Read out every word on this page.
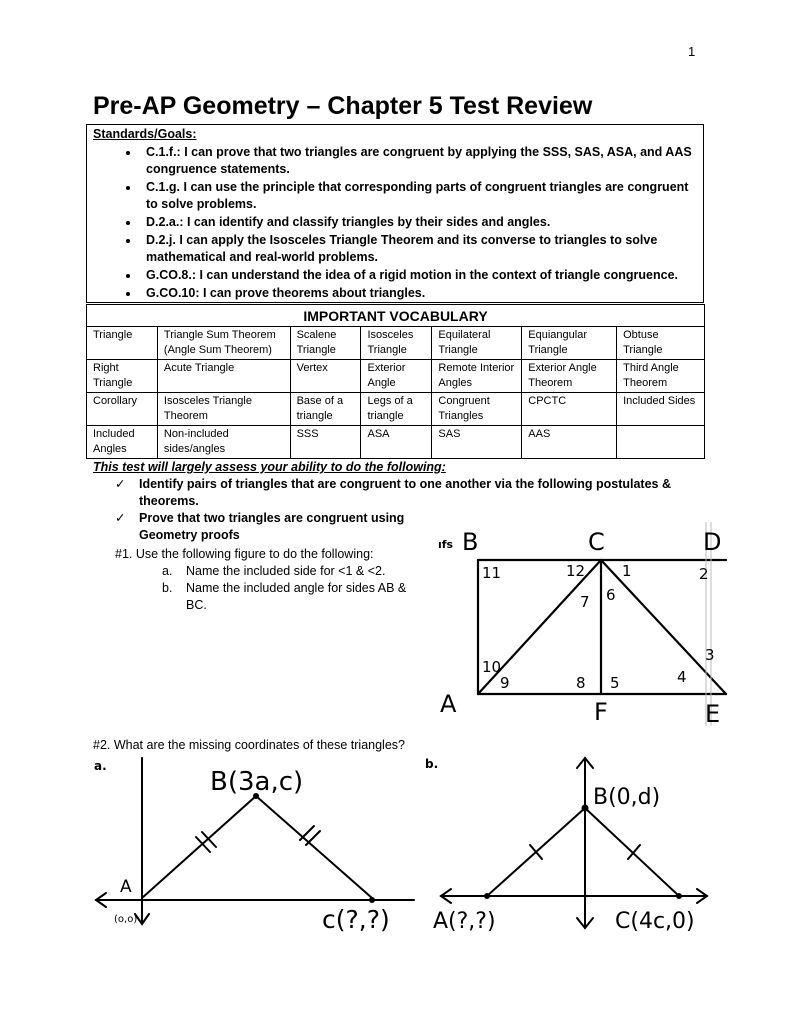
1
Pre-AP Geometry – Chapter 5 Test Review
Standards/Goals:
• C.1.f.: I can prove that two triangles are congruent by applying the SSS, SAS, ASA, and AAS congruence statements.
• C.1.g. I can use the principle that corresponding parts of congruent triangles are congruent to solve problems.
• D.2.a.: I can identify and classify triangles by their sides and angles.
• D.2.j. I can apply the Isosceles Triangle Theorem and its converse to triangles to solve mathematical and real-world problems.
• G.CO.8.: I can understand the idea of a rigid motion in the context of triangle congruence.
• G.CO.10: I can prove theorems about triangles.
IMPORTANT VOCABULARY						
Triangle	Triangle Sum Theorem (Angle Sum Theorem)	Scalene Triangle	Isosceles Triangle	Equilateral Triangle	Equiangular Triangle	Obtuse Triangle
Right Triangle	Acute Triangle	Vertex	Exterior Angle	Remote Interior Angles	Exterior Angle Theorem	Third Angle Theorem
Corollary	Isosceles Triangle Theorem	Base of a triangle	Legs of a triangle	Congruent Triangles	CPCTC	Included Sides
Included Angles	Non-included sides/angles	SSS	ASA	SAS	AAS	
This test will largely assess your ability to do the following:
✓ Identify pairs of triangles that are congruent to one another via the following postulates & theorems.
✓ Prove that two triangles are congruent using Geometry proofs
#1. Use the following figure to do the following:
a. Name the included side for <1 & <2.
b. Name the included angle for sides AB & BC.
ıfs B	C	D
A	F	E
11	12 1	2
7 6
10
9	8 5	4
3
#2. What are the missing coordinates of these triangles?
a.
B(3a,c)
A
(o,o)	c(?,?)
b.
B(0,d)
A(?,?)	C(4c,0)
